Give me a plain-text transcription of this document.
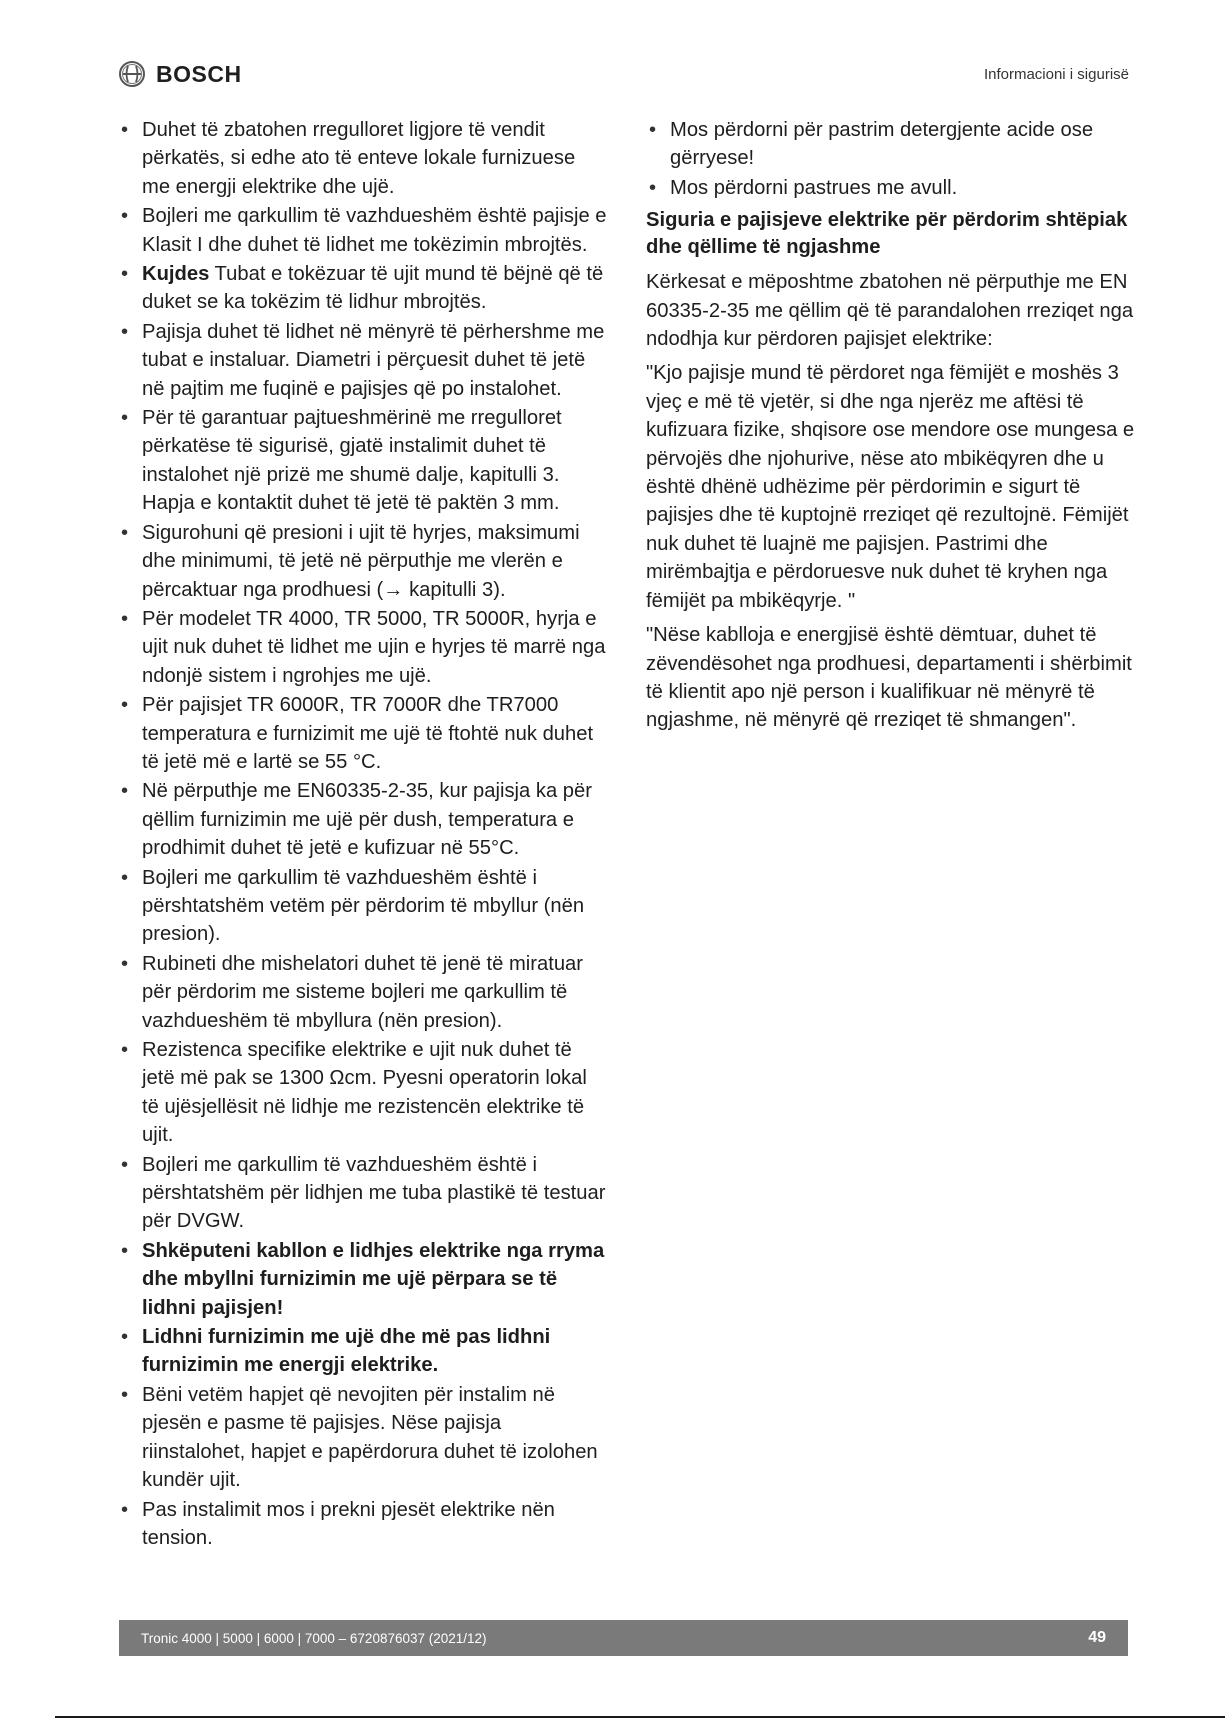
BOSCH	Informacioni i sigurisë
• Duhet të zbatohen rregulloret ligjore të vendit përkatës, si edhe ato të enteve lokale furnizuese me energji elektrike dhe ujë.
• Bojleri me qarkullim të vazhdueshëm është pajisje e Klasit I dhe duhet të lidhet me tokëzimin mbrojtës.
• Kujdes Tubat e tokëzuar të ujit mund të bëjnë që të duket se ka tokëzim të lidhur mbrojtës.
• Pajisja duhet të lidhet në mënyrë të përhershme me tubat e instaluar. Diametri i përçuesit duhet të jetë në pajtim me fuqinë e pajisjes që po instalohet.
• Për të garantuar pajtueshmërinë me rregulloret përkatëse të sigurisë, gjatë instalimit duhet të instalohet një prizë me shumë dalje, kapitulli 3. Hapja e kontaktit duhet të jetë të paktën 3 mm.
• Sigurohuni që presioni i ujit të hyrjes, maksimumi dhe minimumi, të jetë në përputhje me vlerën e përcaktuar nga prodhuesi (→ kapitulli 3).
• Për modelet TR 4000, TR 5000, TR 5000R, hyrja e ujit nuk duhet të lidhet me ujin e hyrjes të marrë nga ndonjë sistem i ngrohjes me ujë.
• Për pajisjet TR 6000R, TR 7000R dhe TR7000 temperatura e furnizimit me ujë të ftohtë nuk duhet të jetë më e lartë se 55 °C.
• Në përputhje me EN60335-2-35, kur pajisja ka për qëllim furnizimin me ujë për dush, temperatura e prodhimit duhet të jetë e kufizuar në 55°C.
• Bojleri me qarkullim të vazhdueshëm është i përshtatshëm vetëm për përdorim të mbyllur (nën presion).
• Rubineti dhe mishelatori duhet të jenë të miratuar për përdorim me sisteme bojleri me qarkullim të vazhdueshëm të mbyllura (nën presion).
• Rezistenca specifike elektrike e ujit nuk duhet të jetë më pak se 1300 Ωcm. Pyesni operatorin lokal të ujësjellësit në lidhje me rezistencën elektrike të ujit.
• Bojleri me qarkullim të vazhdueshëm është i përshtatshëm për lidhjen me tuba plastikë të testuar për DVGW.
• Shkëputeni kabllon e lidhjes elektrike nga rryma dhe mbyllni furnizimin me ujë përpara se të lidhni pajisjen!
• Lidhni furnizimin me ujë dhe më pas lidhni furnizimin me energji elektrike.
• Bëni vetëm hapjet që nevojiten për instalim në pjesën e pasme të pajisjes. Nëse pajisja riinstalohet, hapjet e papërdorura duhet të izolohen kundër ujit.
• Pas instalimit mos i prekni pjesët elektrike nën tension.
• Mos përdorni për pastrim detergjente acide ose gërryese!
• Mos përdorni pastrues me avull.
Siguria e pajisjeve elektrike për përdorim shtëpiak dhe qëllime të ngjashme

Kërkesat e mëposhtme zbatohen në përputhje me EN 60335-2-35 me qëllim që të parandalohen rreziqet nga ndodhja kur përdoren pajisjet elektrike:

"Kjo pajisje mund të përdoret nga fëmijët e moshës 3 vjeç e më të vjetër, si dhe nga njerëz me aftësi të kufizuara fizike, shqisore ose mendore ose mungesa e përvojës dhe njohurive, nëse ato mbikëqyren dhe u është dhënë udhëzime për përdorimin e sigurt të pajisjes dhe të kuptojnë rreziqet që rezultojnë. Fëmijët nuk duhet të luajnë me pajisjen. Pastrimi dhe mirëmbajtja e përdoruesve nuk duhet të kryhen nga fëmijët pa mbikëqyrje. "

"Nëse kablloja e energjisë është dëmtuar, duhet të zëvendësohet nga prodhuesi, departamenti i shërbimit të klientit apo një person i kualifikuar në mënyrë të ngjashme, në mënyrë që rreziqet të shmangen".

Tronic 4000 | 5000 | 6000 | 7000 – 6720876037 (2021/12)	49
